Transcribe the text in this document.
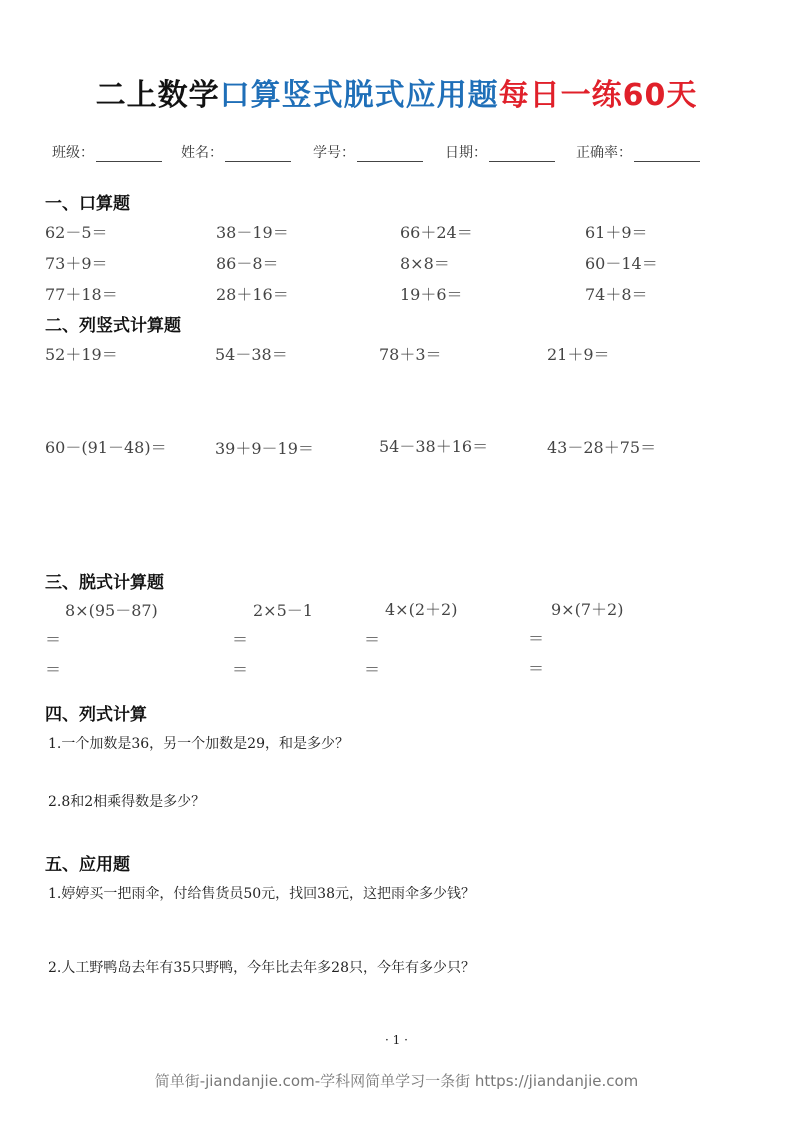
二上数学口算竖式脱式应用题每日一练60天
班级：	姓名：	学号：	日期：	正确率：
一、口算题
62－5＝	38－19＝	66＋24＝	61＋9＝
73＋9＝	86－8＝	8×8＝	60－14＝
77＋18＝	28＋16＝	19＋6＝	74＋8＝
二、列竖式计算题
52＋19＝	54－38＝	78＋3＝	21＋9＝
60－(91－48)＝	39＋9－19＝	54－38＋16＝	43－28＋75＝
三、脱式计算题
8×(95－87)	2×5－1	4×(2＋2)	9×(7＋2)
＝	＝	＝	＝
＝	＝	＝	＝
四、列式计算
1.一个加数是36，另一个加数是29，和是多少？
2.8和2相乘得数是多少？
五、应用题
1.婷婷买一把雨伞，付给售货员50元，找回38元，这把雨伞多少钱？
2.人工野鸭岛去年有35只野鸭，今年比去年多28只，今年有多少只？
· 1 ·
简单街-jiandanjie.com-学科网简单学习一条街 https://jiandanjie.com
